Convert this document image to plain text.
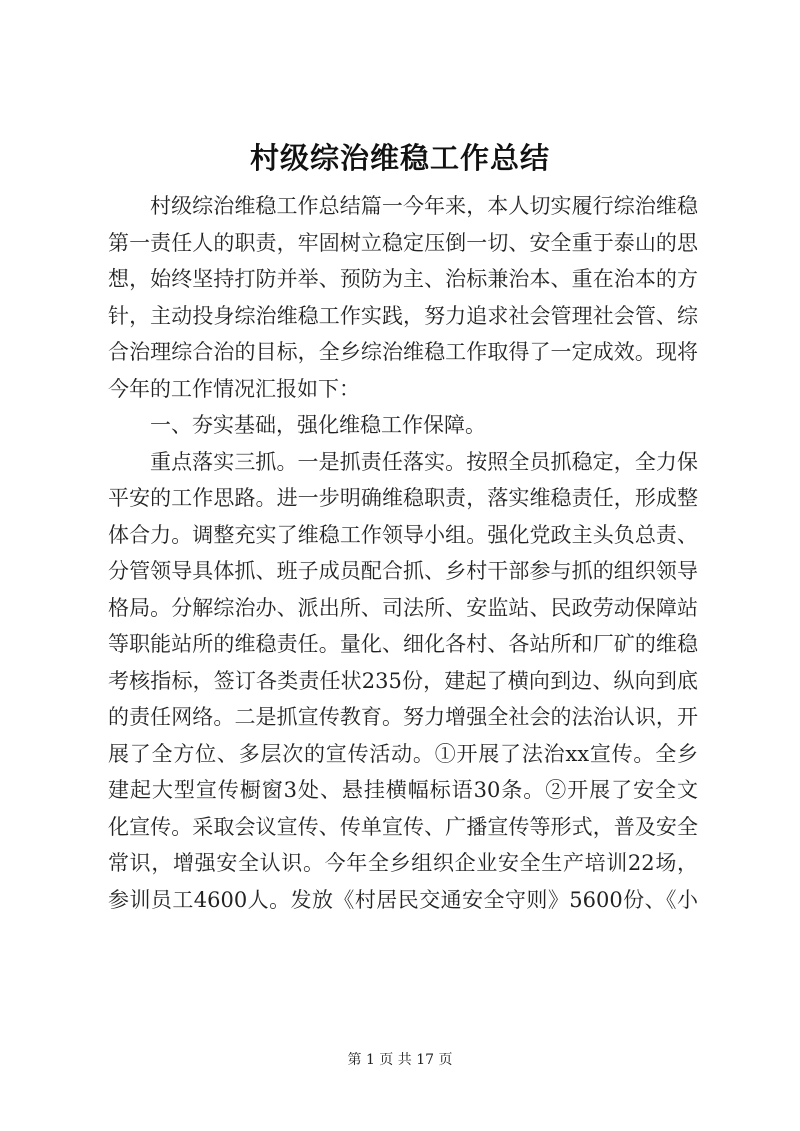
村级综治维稳工作总结
村级综治维稳工作总结篇一今年来，本人切实履行综治维稳
第一责任人的职责，牢固树立稳定压倒一切、安全重于泰山的思
想，始终坚持打防并举、预防为主、治标兼治本、重在治本的方
针，主动投身综治维稳工作实践，努力追求社会管理社会管、综
合治理综合治的目标，全乡综治维稳工作取得了一定成效。现将
今年的工作情况汇报如下：
一、夯实基础，强化维稳工作保障。
重点落实三抓。一是抓责任落实。按照全员抓稳定，全力保
平安的工作思路。进一步明确维稳职责，落实维稳责任，形成整
体合力。调整充实了维稳工作领导小组。强化党政主头负总责、
分管领导具体抓、班子成员配合抓、乡村干部参与抓的组织领导
格局。分解综治办、派出所、司法所、安监站、民政劳动保障站
等职能站所的维稳责任。量化、细化各村、各站所和厂矿的维稳
考核指标，签订各类责任状235份，建起了横向到边、纵向到底
的责任网络。二是抓宣传教育。努力增强全社会的法治认识，开
展了全方位、多层次的宣传活动。①开展了法治xx宣传。全乡
建起大型宣传橱窗3处、悬挂横幅标语30条。②开展了安全文
化宣传。采取会议宣传、传单宣传、广播宣传等形式，普及安全
常识，增强安全认识。今年全乡组织企业安全生产培训22场，
参训员工4600人。发放《村居民交通安全守则》5600份、《小
第 1 页 共 17 页
